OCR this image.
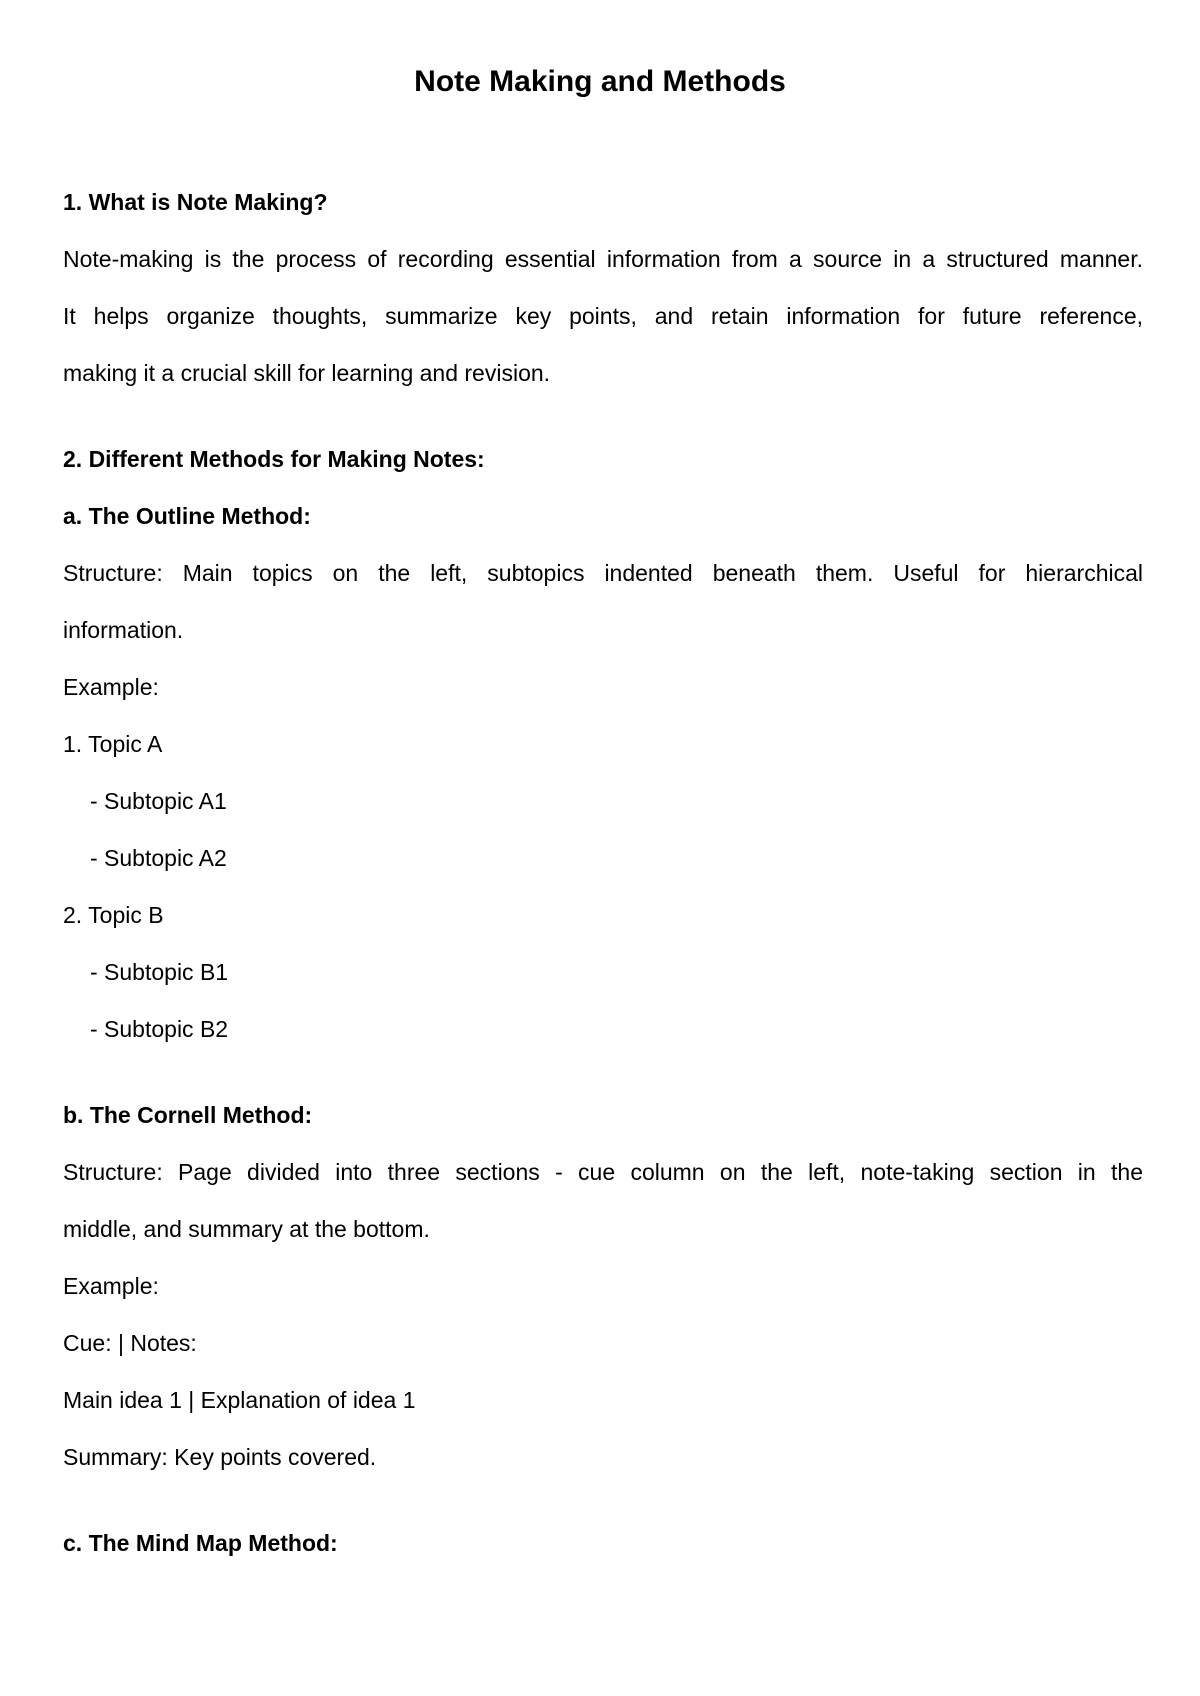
Note Making and Methods
1. What is Note Making?
Note-making is the process of recording essential information from a source in a structured manner.
It helps organize thoughts, summarize key points, and retain information for future reference,
making it a crucial skill for learning and revision.
2. Different Methods for Making Notes:
a. The Outline Method:
Structure: Main topics on the left, subtopics indented beneath them. Useful for hierarchical
information.
Example:
1. Topic A
- Subtopic A1
- Subtopic A2
2. Topic B
- Subtopic B1
- Subtopic B2
b. The Cornell Method:
Structure: Page divided into three sections - cue column on the left, note-taking section in the
middle, and summary at the bottom.
Example:
Cue: | Notes:
Main idea 1 | Explanation of idea 1
Summary: Key points covered.
c. The Mind Map Method:
